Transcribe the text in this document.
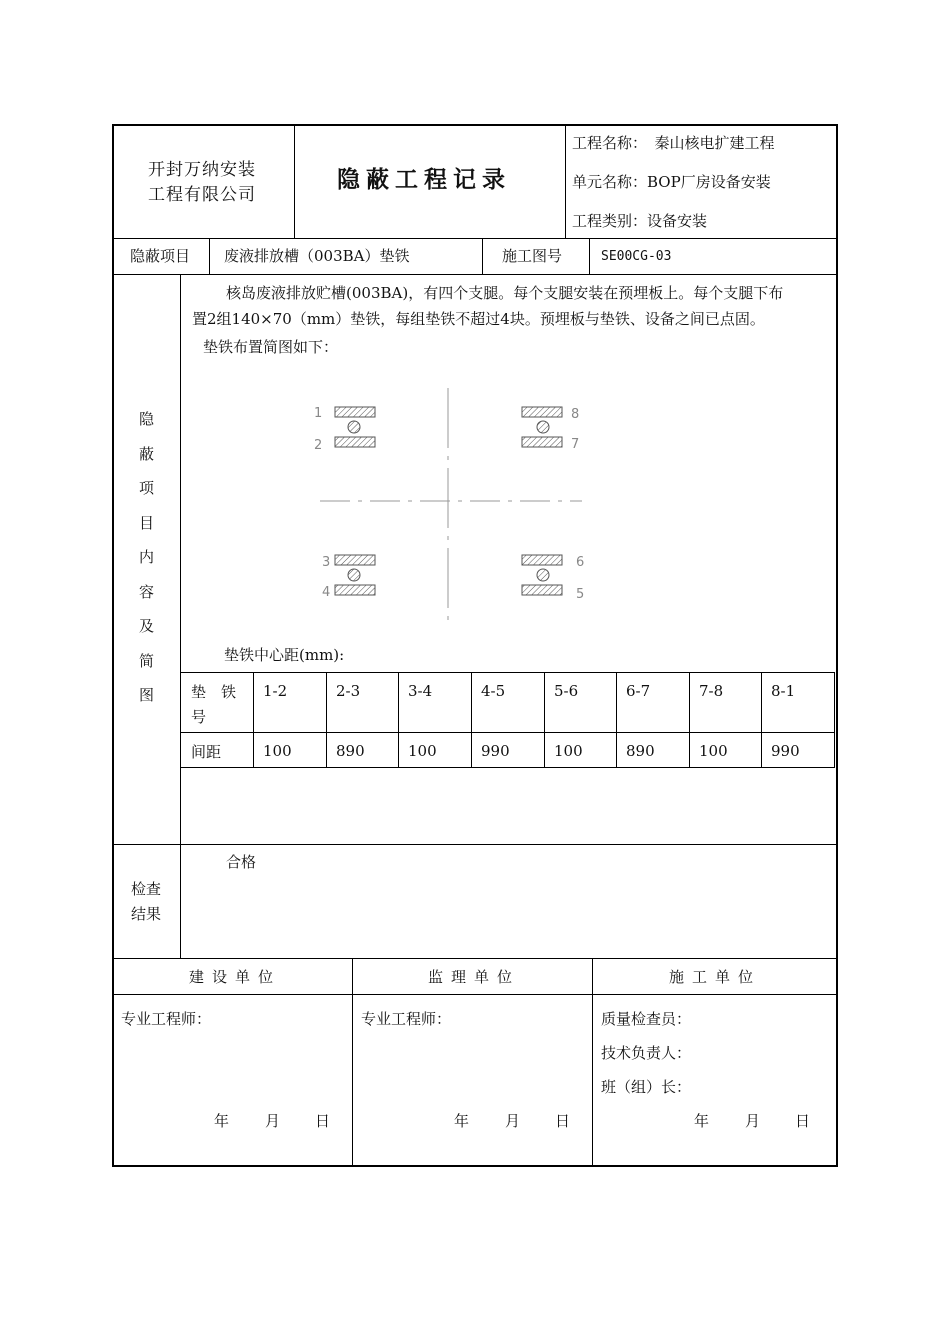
开封万纳安装
工程有限公司
隐蔽工程记录
工程名称：　秦山核电扩建工程
单元名称：BOP厂房设备安装
工程类别：设备安装
隐蔽项目 废液排放槽（003BA）垫铁	施工图号	SE00CG-03
隐
蔽
项
目
内
容
及
简
图
核岛废液排放贮槽(003BA)，有四个支腿。每个支腿安装在预埋板上。每个支腿下布
置2组140×70（mm）垫铁，每组垫铁不超过4块。预埋板与垫铁、设备之间已点固。
垫铁布置简图如下：
1
2
3
4	5
6
7
8
垫铁中心距(mm):
垫　铁
号
1-2	2-3	3-4	4-5	5-6	6-7	7-8	8-1
间距	100	890	100	990	100	890	100	990
检查
结果
合格
建设单位	监理单位	施工单位
专业工程师：	专业工程师：	质量检查员：
技术负责人：
班（组）长：
年 月 日	年 月 日	年 月 日
